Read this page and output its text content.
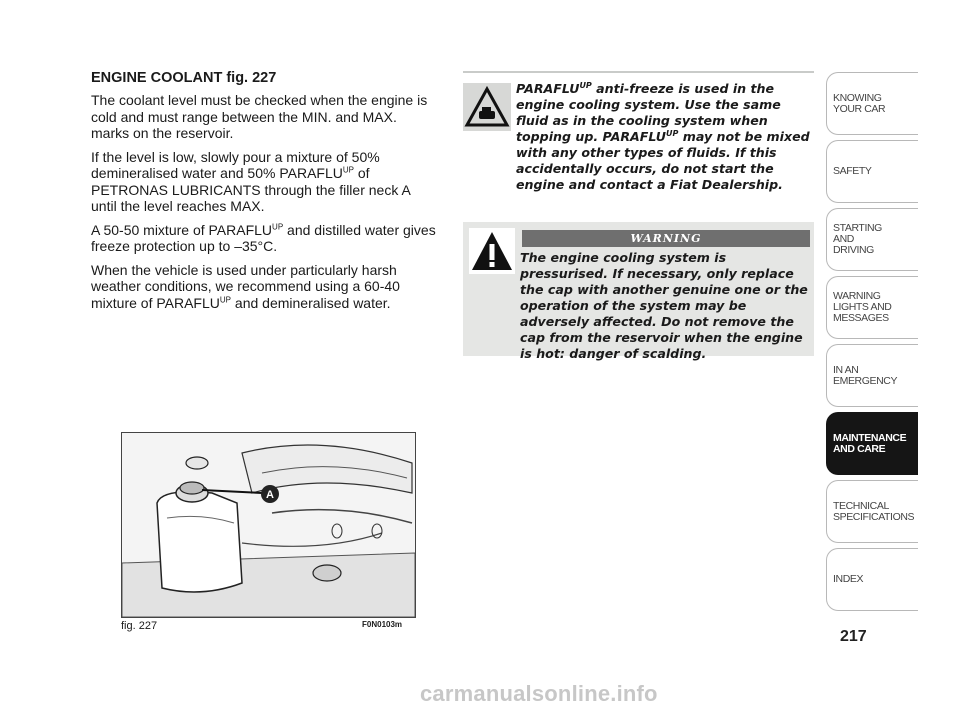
ENGINE COOLANT fig. 227

The coolant level must be checked when the engine is cold and must range between the MIN. and MAX. marks on the reservoir.

If the level is low, slowly pour a mixture of 50% demineralised water and 50% $PARAFLU^{UP}$ of PETRONAS LUBRICANTS through the filler neck A until the level reaches MAX.

A 50-50 mixture of $PARAFLU^{UP}$ and distilled water gives freeze protection up to –35°C.

When the vehicle is used under particularly harsh weather conditions, we recommend using a 60-40 mixture of $PARAFLU^{UP}$ and demineralised water.

$PARAFLU^{UP}$ anti-freeze is used in the engine cooling system. Use the same fluid as in the cooling system when topping up. $PARAFLU^{UP}$ may not be mixed with any other types of fluids. If this accidentally occurs, do not start the engine and contact a Fiat Dealership.
WARNING
The engine cooling system is pressurised. If necessary, only replace the cap with another genuine one or the operation of the system may be adversely affected. Do not remove the cap from the reservoir when the engine is hot: danger of scalding.
A
fig. 227	F0N0103m
KNOWING
YOUR CAR
SAFETY
STARTING
AND
DRIVING
WARNING
LIGHTS AND
MESSAGES
IN AN
EMERGENCY
MAINTENANCE
AND CARE
TECHNICAL
SPECIFICATIONS
INDEX
217
carmanualsonline.info
